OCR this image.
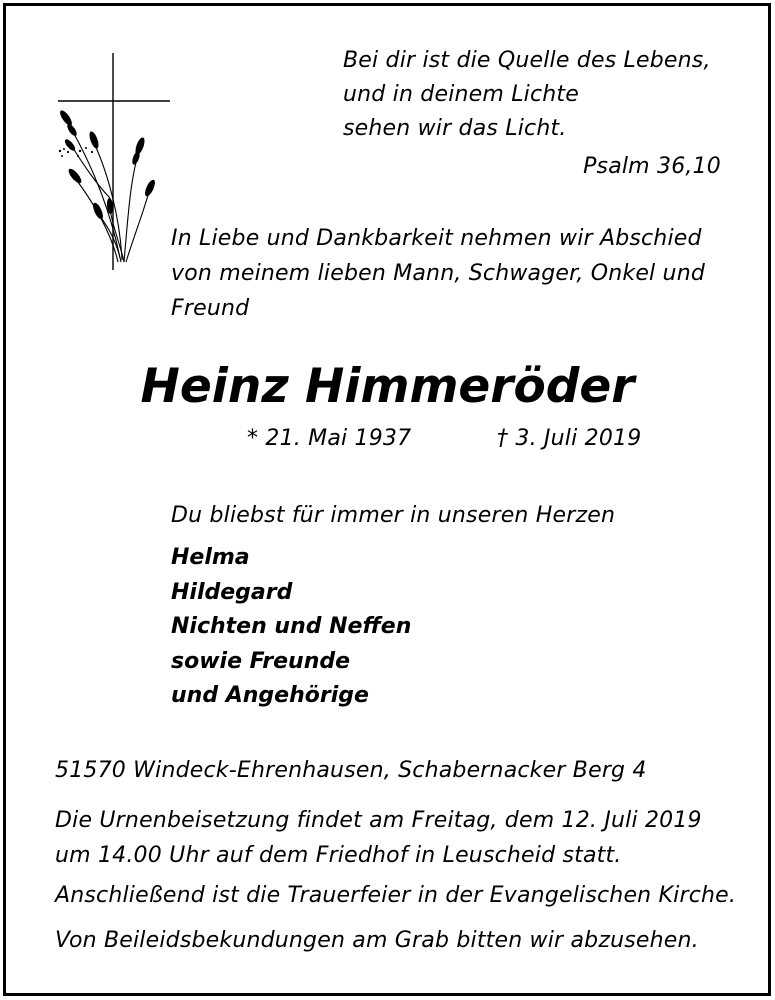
Bei dir ist die Quelle des Lebens,
und in deinem Lichte
sehen wir das Licht.
Psalm 36,10
In Liebe und Dankbarkeit nehmen wir Abschied
von meinem lieben Mann, Schwager, Onkel und
Freund
Heinz Himmeröder
* 21. Mai 1937	† 3. Juli 2019
Du bliebst für immer in unseren Herzen
Helma
Hildegard
Nichten und Neffen
sowie Freunde
und Angehörige
51570 Windeck-Ehrenhausen, Schabernacker Berg 4
Die Urnenbeisetzung findet am Freitag, dem 12. Juli 2019
um 14.00 Uhr auf dem Friedhof in Leuscheid statt.
Anschließend ist die Trauerfeier in der Evangelischen Kirche.
Von Beileidsbekundungen am Grab bitten wir abzusehen.
